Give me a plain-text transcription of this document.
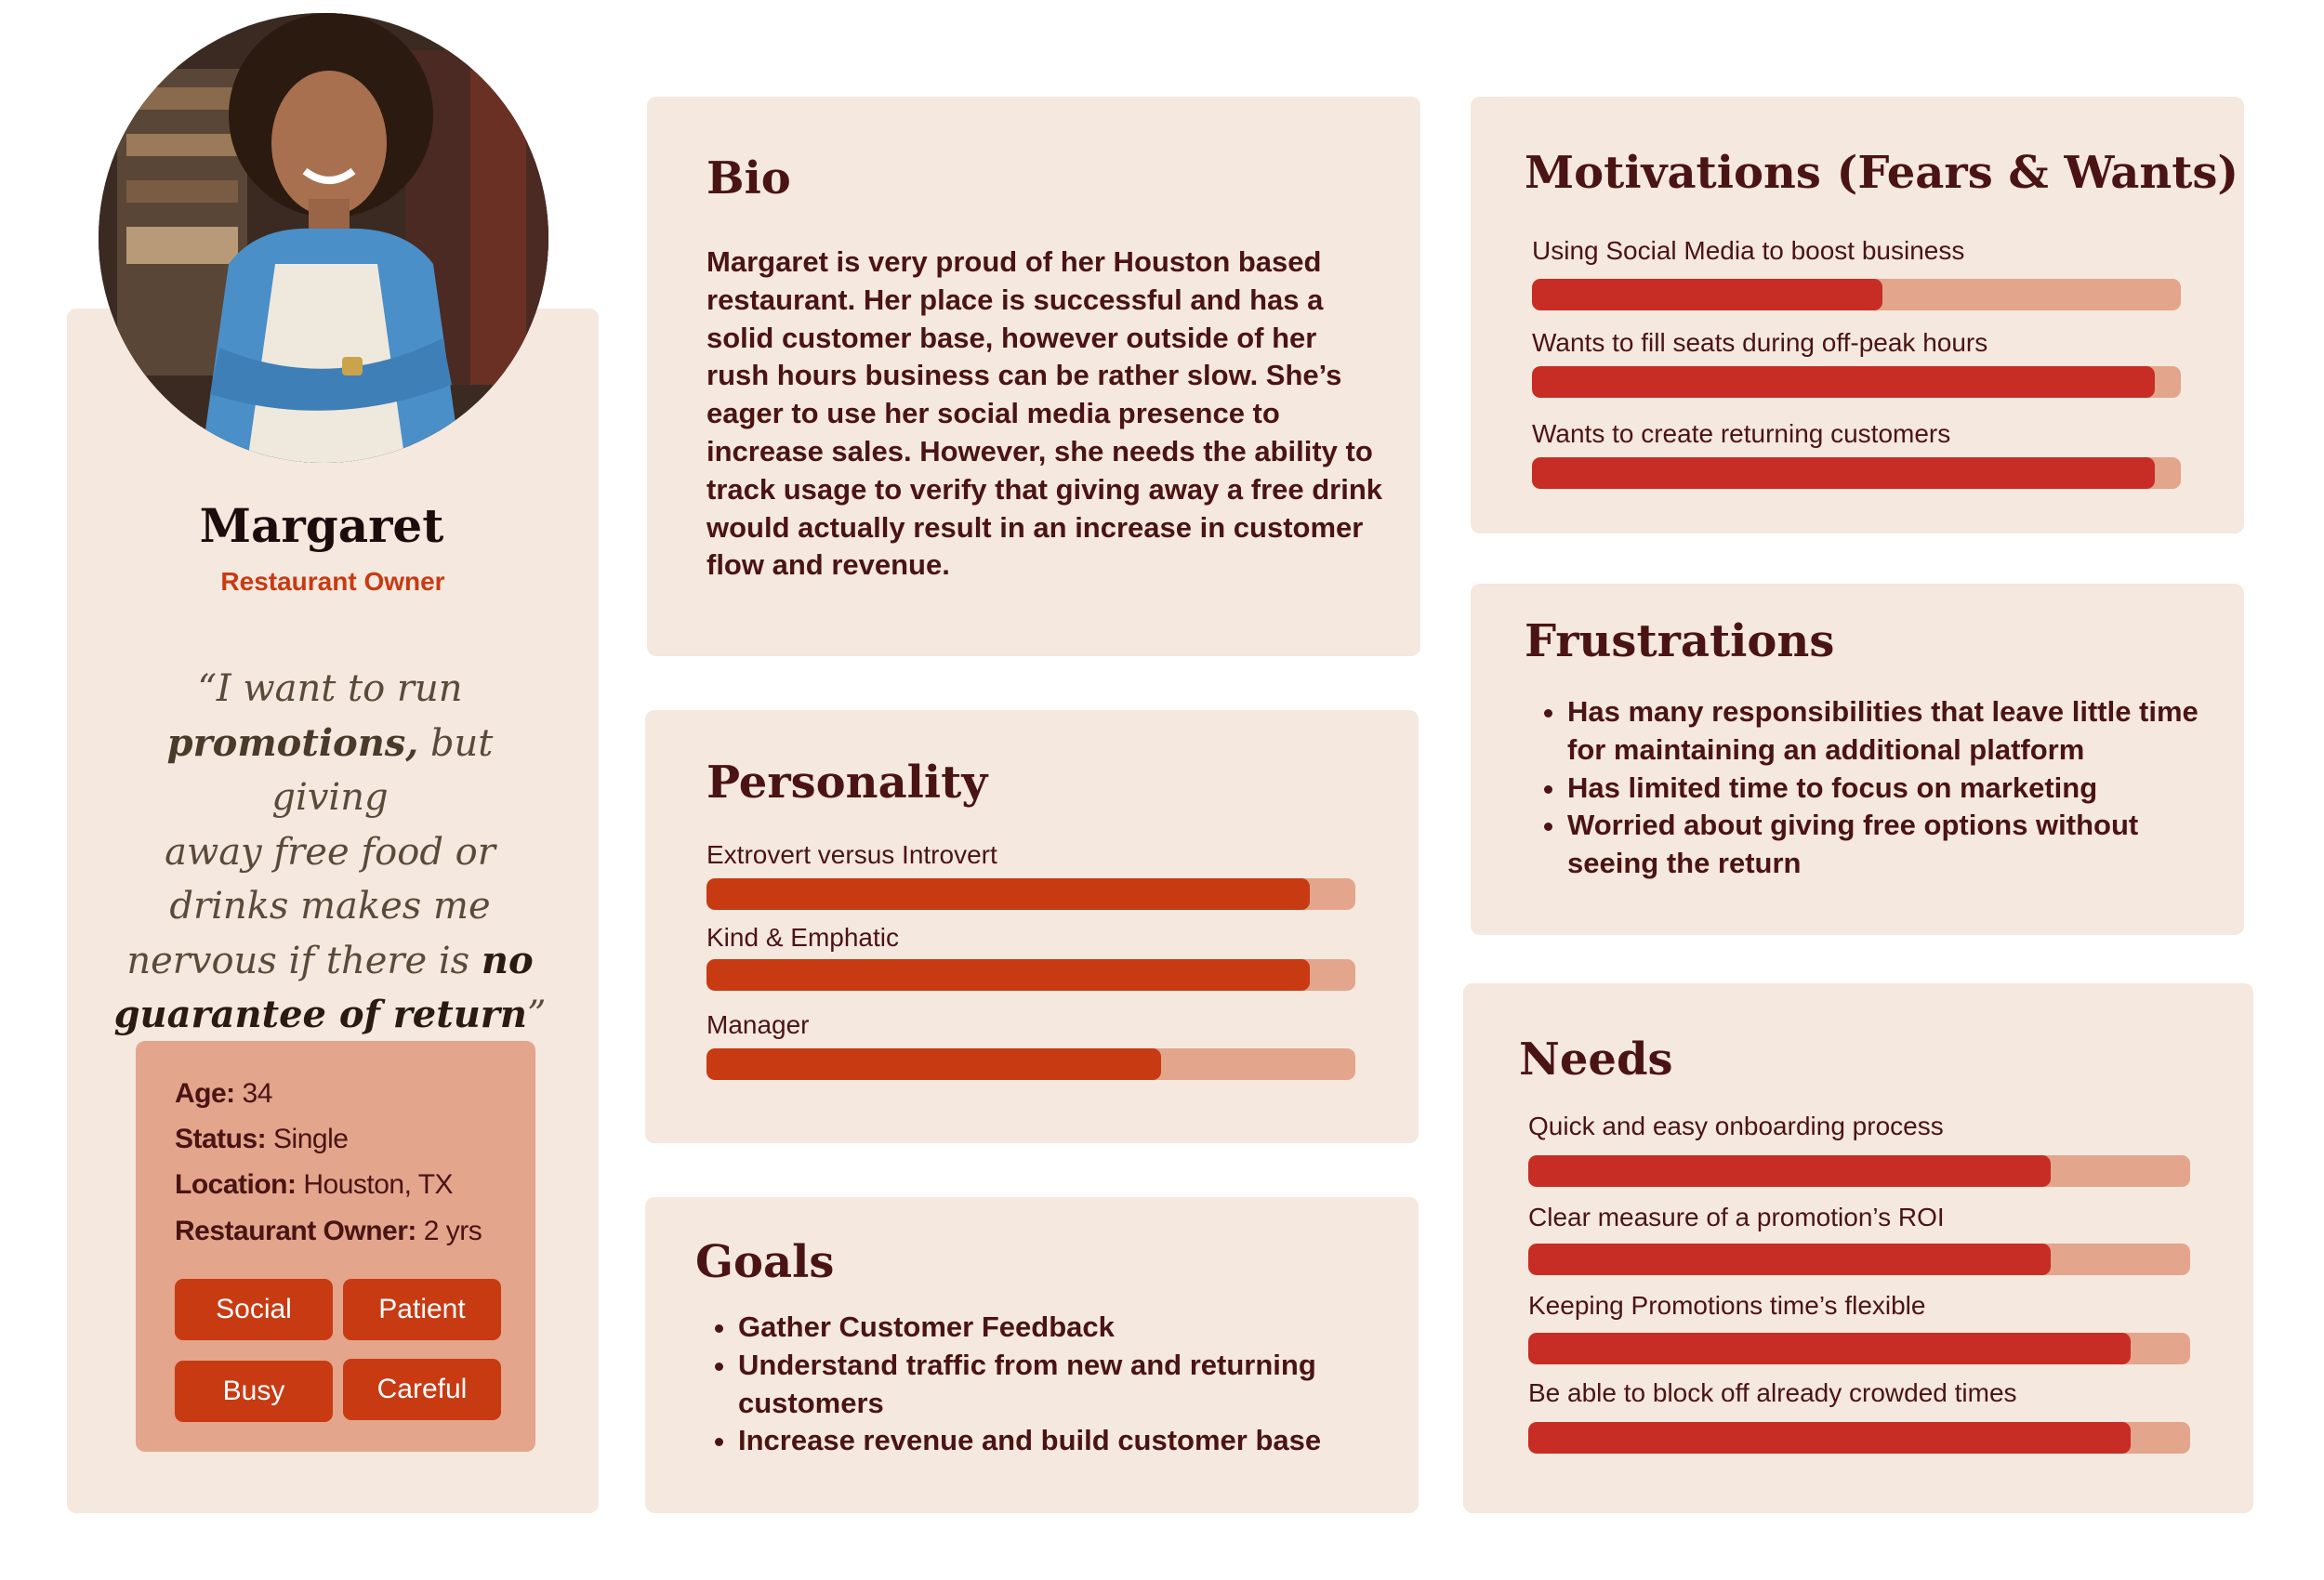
Margaret
Restaurant Owner
“I want to run
promotions, but giving
away free food or
drinks makes me
nervous if there is no
guarantee of return”
Age: 34
Status: Single
Location: Houston, TX
Restaurant Owner: 2 yrs
Social	Patient
Busy	Careful
Bio
Margaret is very proud of her Houston based
restaurant. Her place is successful and has a
solid customer base, however outside of her
rush hours business can be rather slow. She’s
eager to use her social media presence to
increase sales. However, she needs the ability to
track usage to verify that giving away a free drink
would actually result in an increase in customer
flow and revenue.
Personality
Extrovert versus Introvert
Kind & Emphatic
Manager
Goals
• Gather Customer Feedback
• Understand traffic from new and returning customers
• Increase revenue and build customer base
Motivations (Fears & Wants)
Using Social Media to boost business
Wants to fill seats during off-peak hours
Wants to create returning customers
Frustrations
• Has many responsibilities that leave little time for maintaining an additional platform
• Has limited time to focus on marketing
• Worried about giving free options without seeing the return
Needs
Quick and easy onboarding process
Clear measure of a promotion’s ROI
Keeping Promotions time’s flexible
Be able to block off already crowded times
